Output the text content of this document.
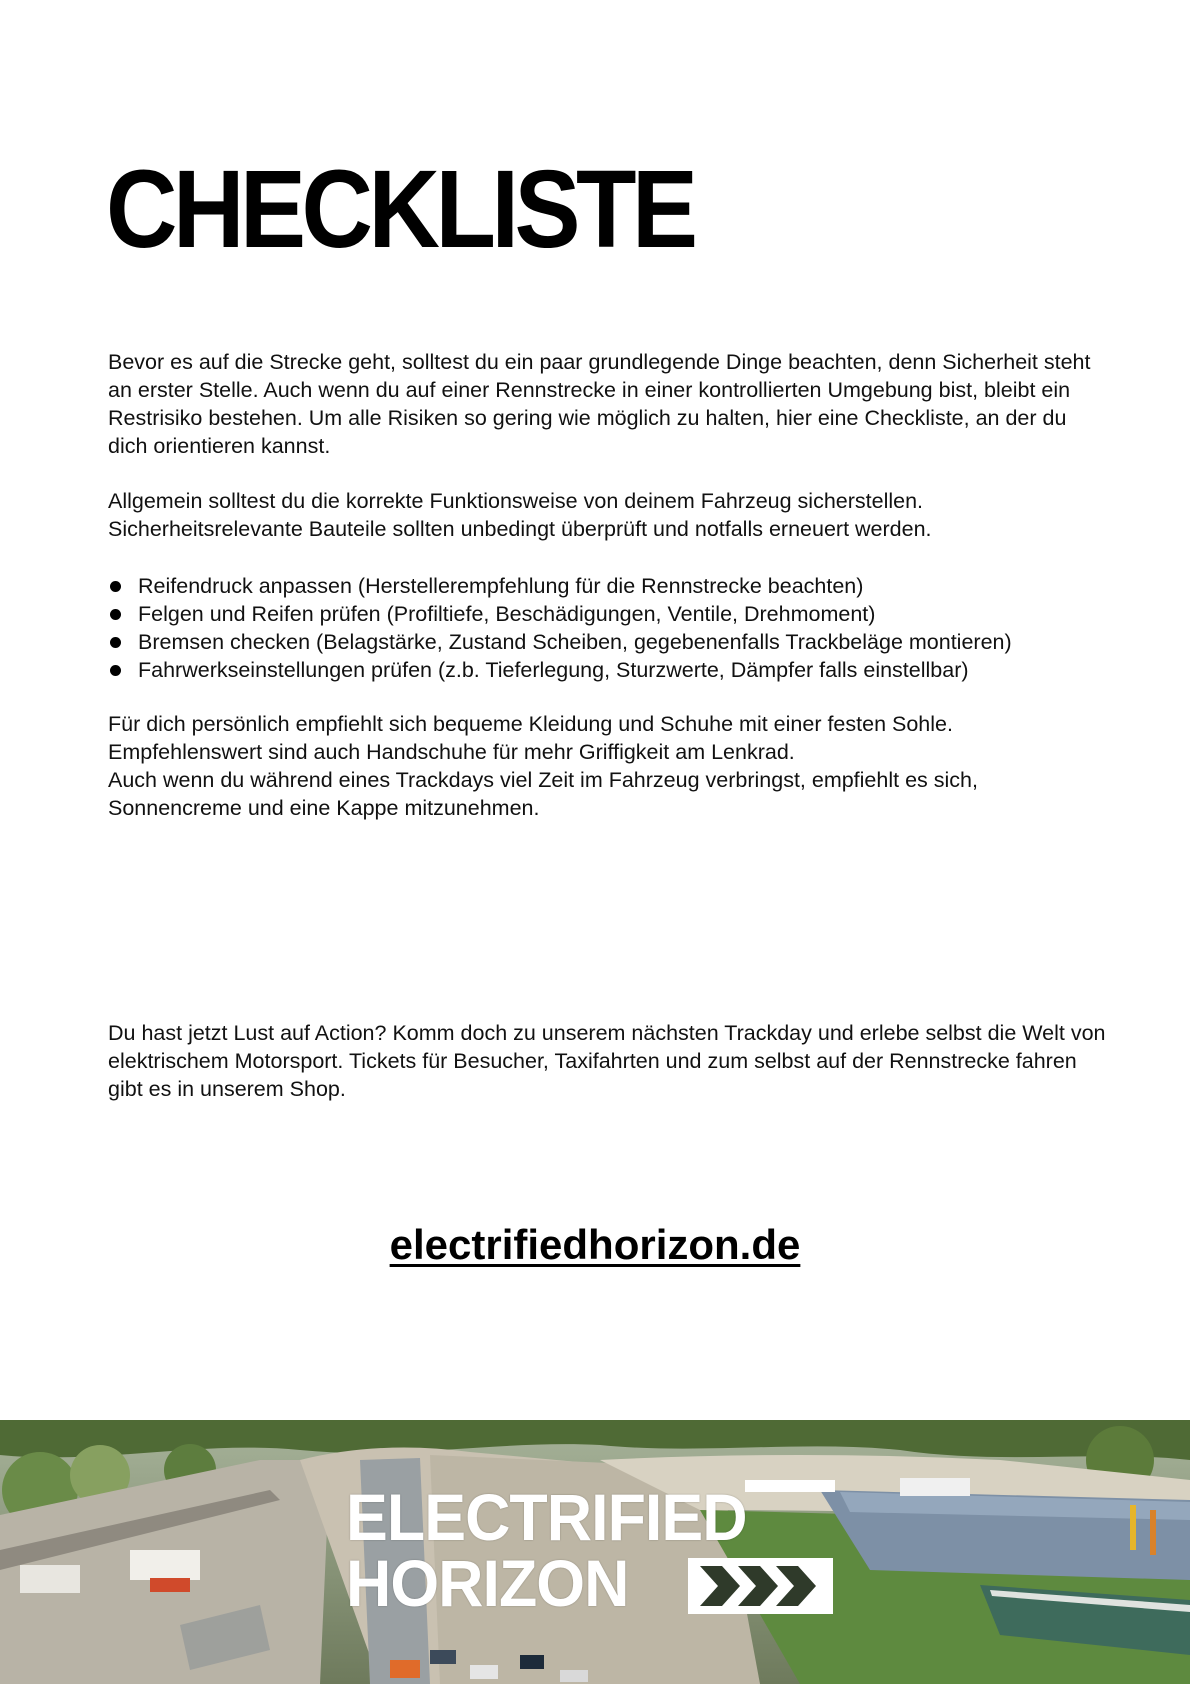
CHECKLISTE

Bevor es auf die Strecke geht, solltest du ein paar grundlegende Dinge beachten, denn Sicherheit steht an erster Stelle. Auch wenn du auf einer Rennstrecke in einer kontrollierten Umgebung bist, bleibt ein Restrisiko bestehen. Um alle Risiken so gering wie möglich zu halten, hier eine Checkliste, an der du dich orientieren kannst.

Allgemein solltest du die korrekte Funktionsweise von deinem Fahrzeug sicherstellen.
Sicherheitsrelevante Bauteile sollten unbedingt überprüft und notfalls erneuert werden.
Reifendruck anpassen (Herstellerempfehlung für die Rennstrecke beachten)
Felgen und Reifen prüfen (Profiltiefe, Beschädigungen, Ventile, Drehmoment)
Bremsen checken (Belagstärke, Zustand Scheiben, gegebenenfalls Trackbeläge montieren)
Fahrwerkseinstellungen prüfen (z.b. Tieferlegung, Sturzwerte, Dämpfer falls einstellbar)
Für dich persönlich empfiehlt sich bequeme Kleidung und Schuhe mit einer festen Sohle.
Empfehlenswert sind auch Handschuhe für mehr Griffigkeit am Lenkrad.
Auch wenn du während eines Trackdays viel Zeit im Fahrzeug verbringst, empfiehlt es sich, Sonnencreme und eine Kappe mitzunehmen.

Du hast jetzt Lust auf Action? Komm doch zu unserem nächsten Trackday und erlebe selbst die Welt von elektrischem Motorsport. Tickets für Besucher, Taxifahrten und zum selbst auf der Rennstrecke fahren gibt es in unserem Shop.

electrifiedhorizon.de
ELECTRIFIED
HORIZON
